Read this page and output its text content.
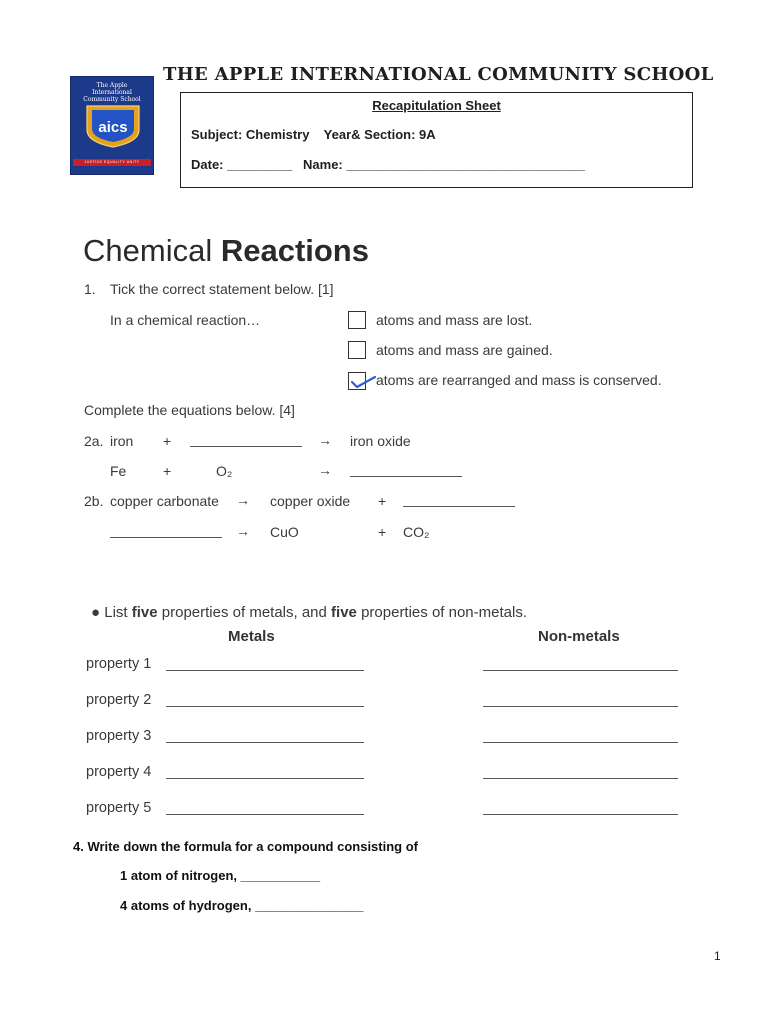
The Apple
International
Community School
aics
JUSTICE EQUALITY UNITY
THE APPLE INTERNATIONAL COMMUNITY SCHOOL
Recapitulation Sheet
Subject: Chemistry    Year& Section: 9A
Date: _________   Name: _________________________________
Chemical Reactions
1. Tick the correct statement below. [1]
In a chemical reaction…	atoms and mass are lost.
atoms and mass are gained.
atoms are rearranged and mass is conserved.
Complete the equations below. [4]
2a. iron +	→ iron oxide
Fe	+	O₂	→
2b. copper carbonate → copper oxide +
→ CuO	+ CO₂
● List five properties of metals, and five properties of non-metals.
Metals	Non-metals
property 1
property 2
property 3
property 4
property 5
4. Write down the formula for a compound consisting of
1 atom of nitrogen, ___________
4 atoms of hydrogen, _______________
1
